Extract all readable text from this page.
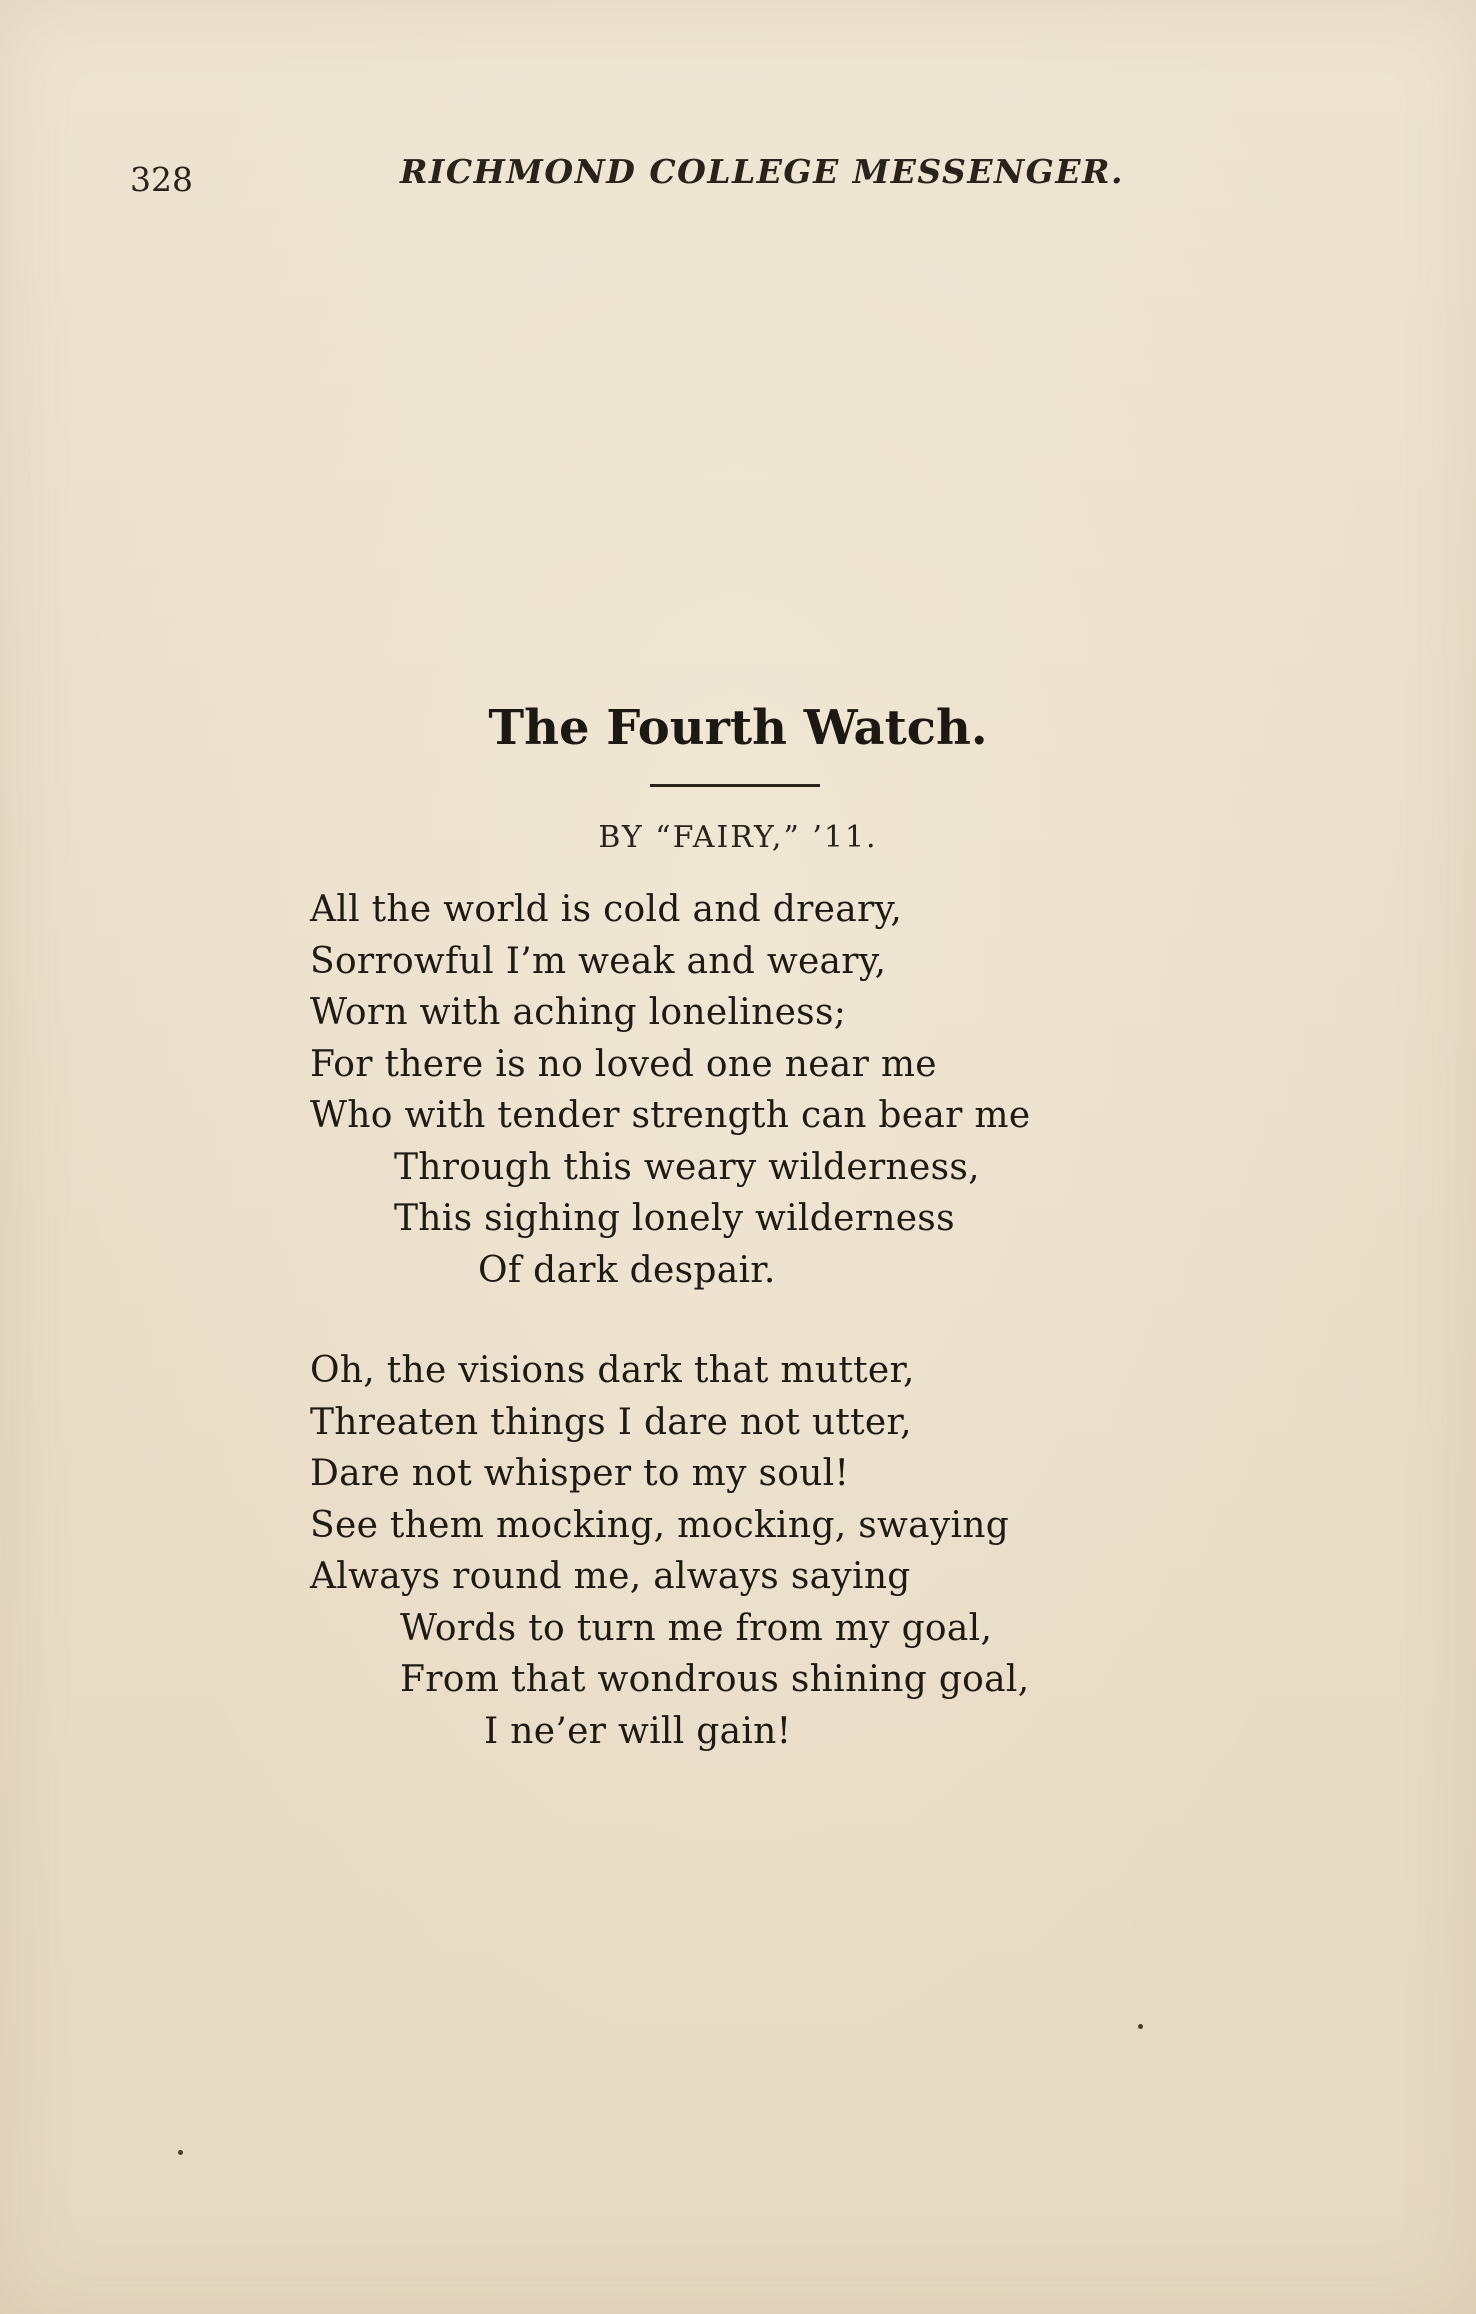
328	RICHMOND COLLEGE MESSENGER.
The Fourth Watch.
BY “FAIRY,” ’11.
All the world is cold and dreary,
Sorrowful I’m weak and weary,
Worn with aching loneliness;
For there is no loved one near me
Who with tender strength can bear me
Through this weary wilderness,
This sighing lonely wilderness
Of dark despair.
Oh, the visions dark that mutter,
Threaten things I dare not utter,
Dare not whisper to my soul!
See them mocking, mocking, swaying
Always round me, always saying
Words to turn me from my goal,
From that wondrous shining goal,
I ne’er will gain!
